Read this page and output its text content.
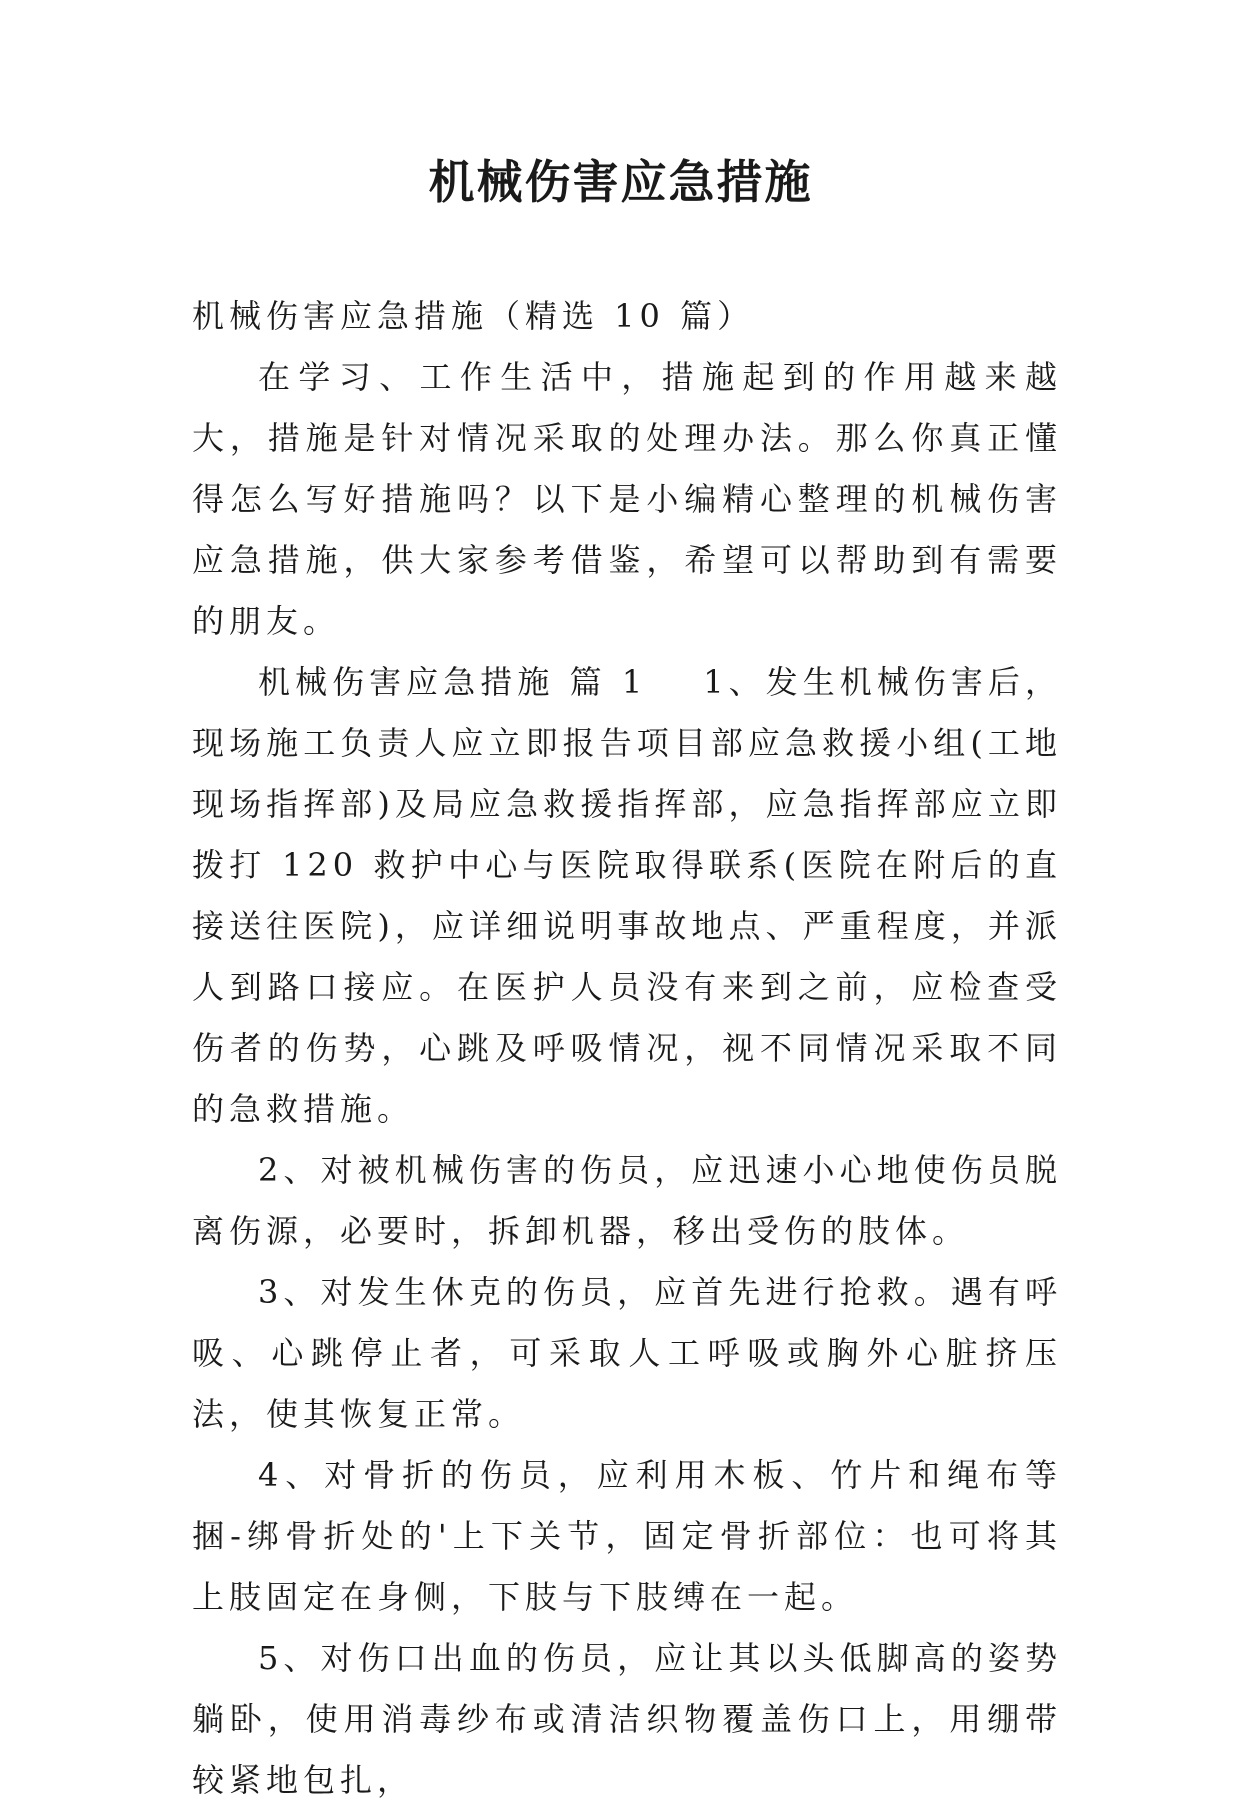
机械伤害应急措施

机械伤害应急措施（精选 10 篇）

在学习、工作生活中，措施起到的作用越来越大，措施是针对情况采取的处理办法。那么你真正懂得怎么写好措施吗？以下是小编精心整理的机械伤害应急措施，供大家参考借鉴，希望可以帮助到有需要的朋友。

机械伤害应急措施 篇 1 1、发生机械伤害后，现场施工负责人应立即报告项目部应急救援小组(工地现场指挥部)及局应急救援指挥部，应急指挥部应立即拨打 120 救护中心与医院取得联系(医院在附后的直接送往医院)，应详细说明事故地点、严重程度，并派人到路口接应。在医护人员没有来到之前，应检查受伤者的伤势，心跳及呼吸情况，视不同情况采取不同的急救措施。

2、对被机械伤害的伤员，应迅速小心地使伤员脱离伤源，必要时，拆卸机器，移出受伤的肢体。

3、对发生休克的伤员，应首先进行抢救。遇有呼吸、心跳停止者，可采取人工呼吸或胸外心脏挤压法，使其恢复正常。

4、对骨折的伤员，应利用木板、竹片和绳布等捆-绑骨折处的'上下关节，固定骨折部位：也可将其上肢固定在身侧，下肢与下肢缚在一起。

5、对伤口出血的伤员，应让其以头低脚高的姿势躺卧，使用消毒纱布或清洁织物覆盖伤口上，用绷带较紧地包扎，
